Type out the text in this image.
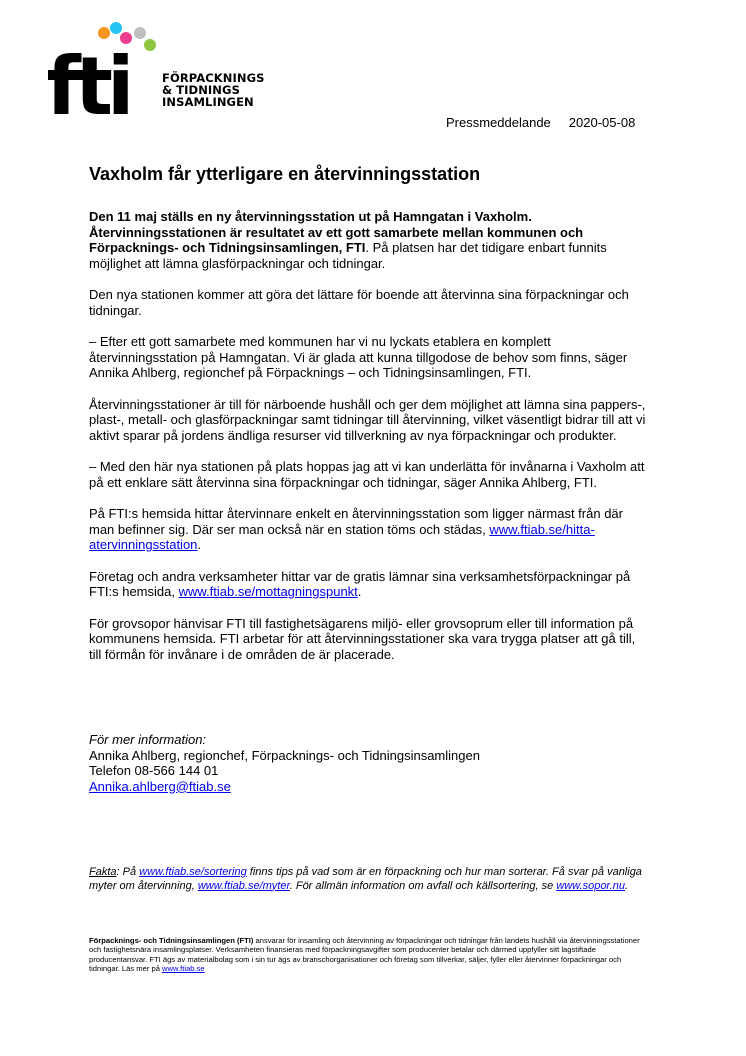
fti	FÖRPACKNINGS
& TIDNINGS
INSAMLINGEN
Pressmeddelande 2020-05-08
Vaxholm får ytterligare en återvinningsstation

Den 11 maj ställs en ny återvinningsstation ut på Hamngatan i Vaxholm. Återvinningsstationen är resultatet av ett gott samarbete mellan kommunen och Förpacknings- och Tidningsinsamlingen, FTI. På platsen har det tidigare enbart funnits möjlighet att lämna glasförpackningar och tidningar.

Den nya stationen kommer att göra det lättare för boende att återvinna sina förpackningar och tidningar.

– Efter ett gott samarbete med kommunen har vi nu lyckats etablera en komplett återvinningsstation på Hamngatan. Vi är glada att kunna tillgodose de behov som finns, säger Annika Ahlberg, regionchef på Förpacknings – och Tidningsinsamlingen, FTI.

Återvinningsstationer är till för närboende hushåll och ger dem möjlighet att lämna sina pappers-, plast-, metall- och glasförpackningar samt tidningar till återvinning, vilket väsentligt bidrar till att vi aktivt sparar på jordens ändliga resurser vid tillverkning av nya förpackningar och produkter.

– Med den här nya stationen på plats hoppas jag att vi kan underlätta för invånarna i Vaxholm att på ett enklare sätt återvinna sina förpackningar och tidningar, säger Annika Ahlberg, FTI.

På FTI:s hemsida hittar återvinnare enkelt en återvinningsstation som ligger närmast från där man befinner sig. Där ser man också när en station töms och städas, www.ftiab.se/hitta-atervinningsstation.

Företag och andra verksamheter hittar var de gratis lämnar sina verksamhetsförpackningar på FTI:s hemsida, www.ftiab.se/mottagningspunkt.

För grovsopor hänvisar FTI till fastighetsägarens miljö- eller grovsoprum eller till information på kommunens hemsida. FTI arbetar för att återvinningsstationer ska vara trygga platser att gå till, till förmån för invånare i de områden de är placerade.

För mer information:
Annika Ahlberg, regionchef, Förpacknings- och Tidningsinsamlingen
Telefon 08-566 144 01
Annika.ahlberg@ftiab.se
Fakta: På www.ftiab.se/sortering finns tips på vad som är en förpackning och hur man sorterar. Få svar på vanliga myter om återvinning, www.ftiab.se/myter. För allmän information om avfall och källsortering, se www.sopor.nu.
Förpacknings- och Tidningsinsamlingen (FTI) ansvarar för insamling och återvinning av förpackningar och tidningar från landets hushåll via återvinningsstationer och fastighetsnära insamlingsplatser. Verksamheten finansieras med förpackningsavgifter som producenter betalar och därmed uppfyller sitt lagstiftade producentansvar. FTI ägs av materialbolag som i sin tur ägs av branschorganisationer och företag som tillverkar, säljer, fyller eller återvinner förpackningar och tidningar. Läs mer på www.ftiab.se
